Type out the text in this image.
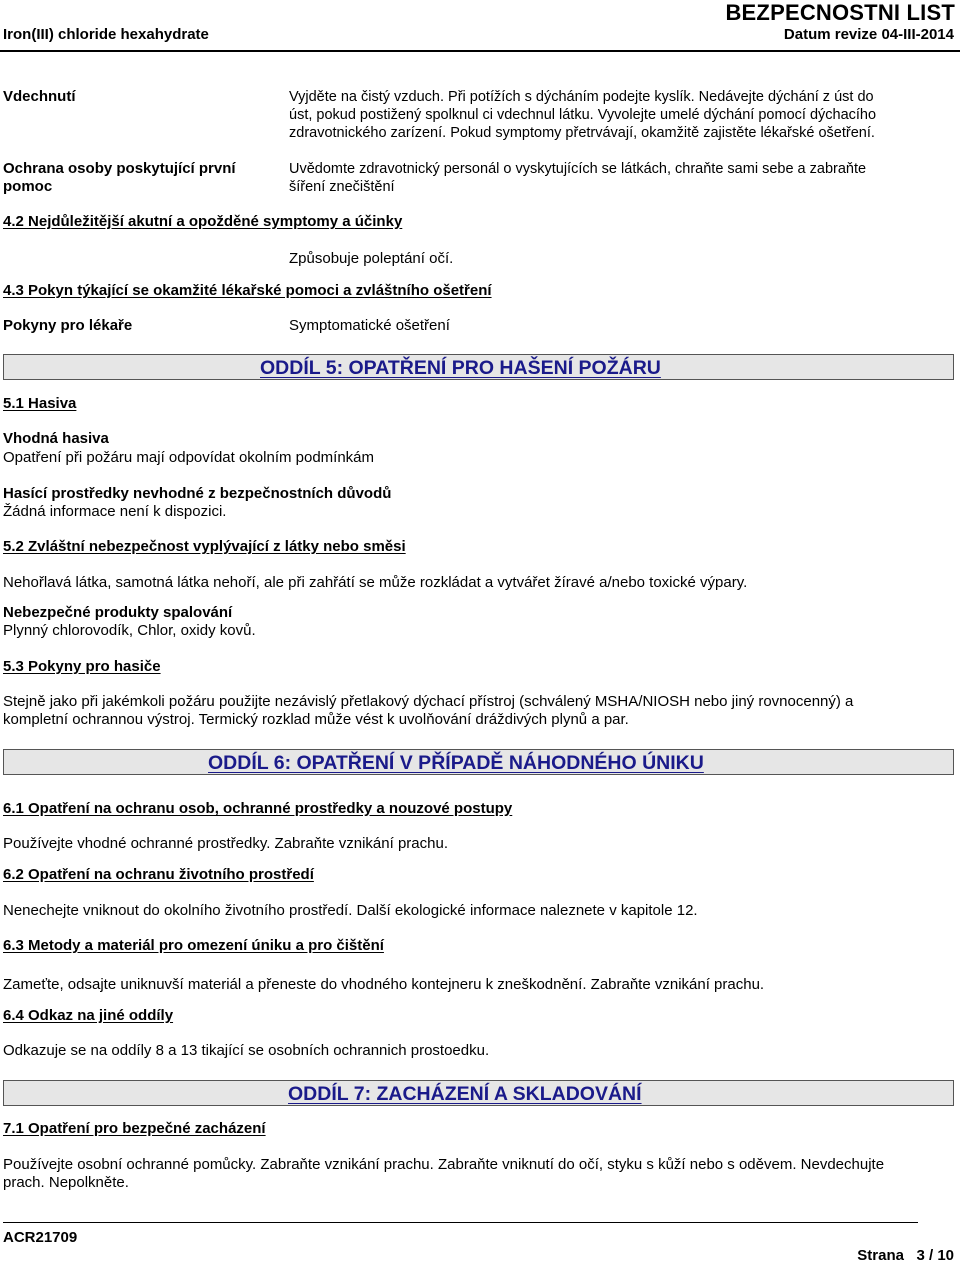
Iron(III) chloride hexahydrate
BEZPECNOSTNI LIST
Datum revize 04-III-2014
Vdechnutí	Vyjděte na čistý vzduch. Při potížích s dýcháním podejte kyslík. Nedávejte dýchání z úst do
úst, pokud postižený spolknul ci vdechnul látku. Vyvolejte umelé dýchání pomocí dýchacího
zdravotnického zarízení. Pokud symptomy přetrvávají, okamžitě zajistěte lékařské ošetření.
Ochrana osoby poskytující první
pomoc
Uvědomte zdravotnický personál o vyskytujících se látkách, chraňte sami sebe a zabraňte
šíření znečištění
4.2 Nejdůležitější akutní a opožděné symptomy a účinky
Způsobuje poleptání očí.
4.3 Pokyn týkající se okamžité lékařské pomoci a zvláštního ošetření
Pokyny pro lékaře	Symptomatické ošetření
ODDÍL 5: OPATŘENÍ PRO HAŠENÍ POŽÁRU
5.1 Hasiva
Vhodná hasiva
Opatření při požáru mají odpovídat okolním podmínkám
Hasící prostředky nevhodné z bezpečnostních důvodů
Žádná informace není k dispozici.
5.2 Zvláštní nebezpečnost vyplývající z látky nebo směsi
Nehořlavá látka, samotná látka nehoří, ale při zahřátí se může rozkládat a vytvářet žíravé a/nebo toxické výpary.
Nebezpečné produkty spalování
Plynný chlorovodík, Chlor, oxidy kovů.
5.3 Pokyny pro hasiče
Stejně jako při jakémkoli požáru použijte nezávislý přetlakový dýchací přístroj (schválený MSHA/NIOSH nebo jiný rovnocenný) a
kompletní ochrannou výstroj. Termický rozklad může vést k uvolňování dráždivých plynů a par.
ODDÍL 6: OPATŘENÍ V PŘÍPADĚ NÁHODNÉHO ÚNIKU
6.1 Opatření na ochranu osob, ochranné prostředky a nouzové postupy
Používejte vhodné ochranné prostředky. Zabraňte vznikání prachu.
6.2 Opatření na ochranu životního prostředí
Nenechejte vniknout do okolního životního prostředí. Další ekologické informace naleznete v kapitole 12.
6.3 Metody a materiál pro omezení úniku a pro čištění
Zameťte, odsajte uniknuvší materiál a přeneste do vhodného kontejneru k zneškodnění. Zabraňte vznikání prachu.
6.4 Odkaz na jiné oddíly
Odkazuje se na oddíly 8 a 13 tikající se osobních ochrannich prostoedku.
ODDÍL 7: ZACHÁZENÍ A SKLADOVÁNÍ
7.1 Opatření pro bezpečné zacházení
Používejte osobní ochranné pomůcky. Zabraňte vznikání prachu. Zabraňte vniknutí do očí, styku s kůží nebo s oděvem. Nevdechujte
prach. Nepolkněte.
ACR21709
Strana   3 / 10
